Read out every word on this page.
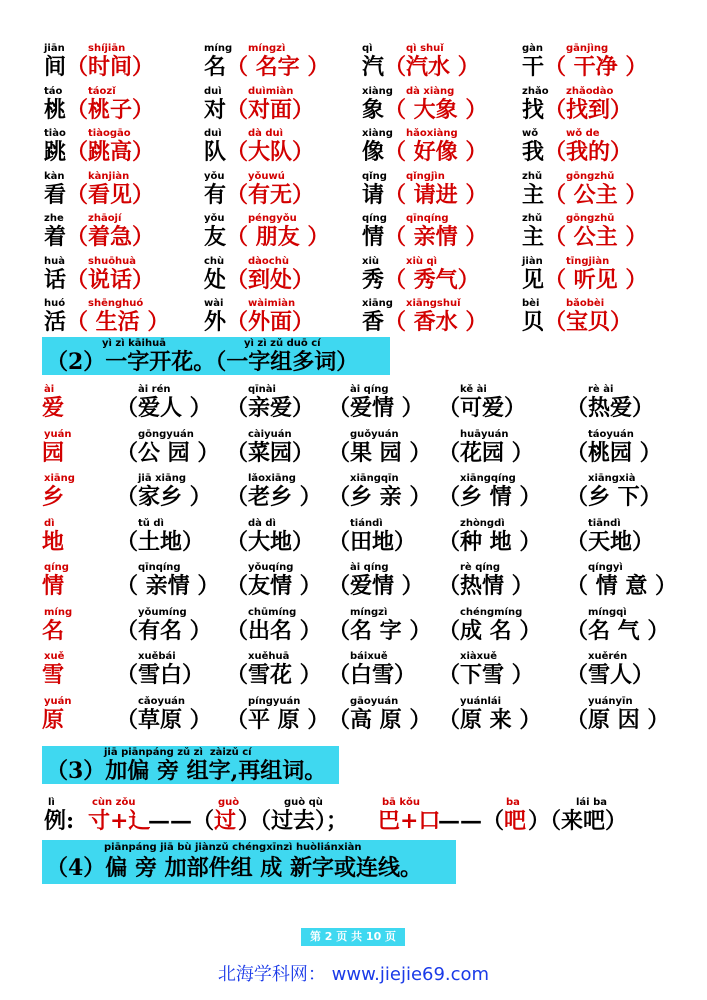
jiān
间
shíjiān
（时间）
míng
名
míngzì
（ 名字 ）
qì
汽
qì shuǐ
（汽水 ）
gàn
干
gānjìng
（ 干净 ）
táo
桃
táozǐ
（桃子）
duì
对
duìmiàn
（对面）
xiàng
象
dà xiàng
（ 大象 ）
zhǎo
找
zhǎodào
（找到）
tiào
跳
tiàogāo
（跳高）
duì
队
dà duì
（大队）
xiàng
像
hǎoxiàng
（ 好像 ）
wǒ
我
wǒ de
（我的）
kàn
看
kànjiàn
（看见）
yǒu
有
yǒuwú
（有无）
qǐng
请
qǐngjìn
（ 请进 ）
zhǔ
主
gōngzhǔ
（ 公主 ）
zhe
着
zhāojí
（着急）
yǒu
友
péngyǒu
（ 朋友 ）
qíng
情
qīnqíng
（ 亲情 ）
zhǔ
主
gōngzhǔ
（ 公主 ）
huà
话
shuōhuà
（说话）
chù
处
dàochù
（到处）
xiù
秀
xiù qì
（ 秀气）
jiàn
见
tīngjiàn
（ 听见 ）
huó
活
shēnghuó
（ 生活 ）
wài
外
wàimiàn
（外面）
xiāng
香
xiāngshuǐ
（ 香水 ）
bèi
贝
bǎobèi
（宝贝）
yì zì kāihuā	yì zì zǔ duō cí
（2）一字开花。（一字组多词）
ài
爱
ài rén
（爱人 ）
qīnài
（亲爱）
ài qíng
（爱情 ）
kě ài
（可爱）
rè ài
（热爱）
yuán
园
gōngyuán
（公 园 ）
càiyuán
（菜园）
guǒyuán
（果 园 ）
huāyuán
（花园 ）
táoyuán
（桃园 ）
xiāng
乡
jiā xiāng
（家乡 ）
lǎoxiāng
（老乡 ）
xiāngqīn
（乡 亲 ）
xiāngqíng
（乡 情 ）
xiāngxià
（乡 下）
dì
地
tǔ dì
（土地）
dà dì
（大地）
tiándì
（田地）
zhòngdì
（种 地 ）
tiāndì
（天地）
qíng
情
qīnqíng
（ 亲情 ）
yǒuqíng
（友情 ）
ài qíng
（爱情 ）
rè qíng
（热情 ）
qíngyì
（ 情 意 ）
míng
名
yǒumíng
（有名 ）
chūmíng
（出名 ）
míngzì
（名 字 ）
chéngmíng
（成 名 ）
míngqì
（名 气 ）
xuě
雪
xuěbái
（雪白）
xuěhuā
（雪花 ）
báixuě
（白雪）
xiàxuě
（下雪 ）
xuěrén
（雪人）
yuán
原
cǎoyuán
（草原 ）
píngyuán
（平 原 ）
gāoyuán
（高 原 ）
yuánlái
（原 来 ）
yuányīn
（原 因 ）
jiā piānpáng zǔ zì  zàizǔ cí
（3）加偏 旁 组字,再组词。
lì
例:
cùn zǒu
寸+辶
——（
guò
过
guò qù
）（过去）；
bā kǒu
巴+口
——（
ba
吧
lái ba
）（来吧）
piānpáng jiā bù jiànzǔ chéngxīnzì huòliánxiàn
（4）偏 旁 加部件组 成 新字或连线。
第 2 页 共 10 页
北海学科网： www.jiejie69.com
